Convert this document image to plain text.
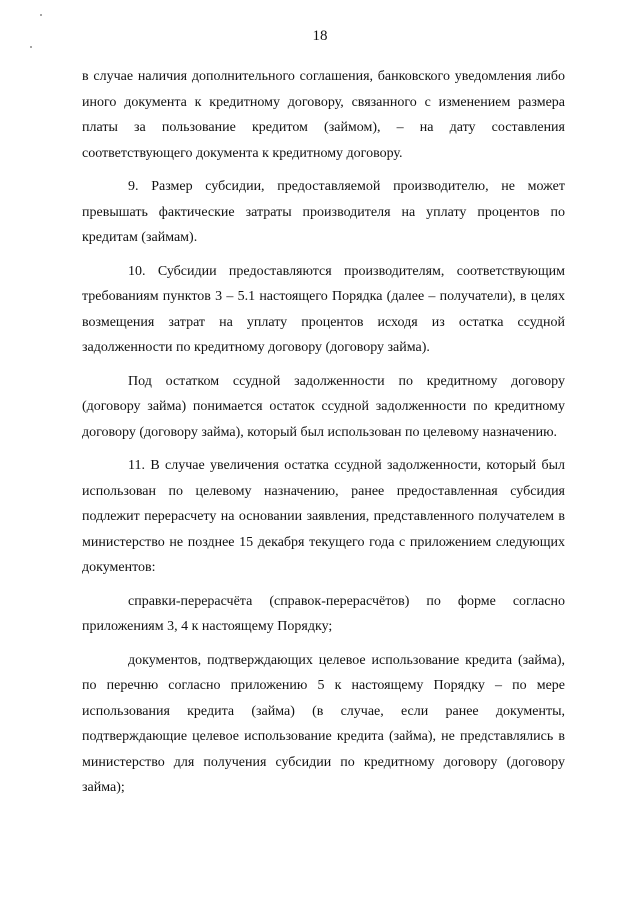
18

в случае наличия дополнительного соглашения, банковского уведомления либо иного документа к кредитному договору, связанного с изменением размера платы за пользование кредитом (займом), – на дату составления соответствующего документа к кредитному договору.

9. Размер субсидии, предоставляемой производителю, не может превышать фактические затраты производителя на уплату процентов по кредитам (займам).

10. Субсидии предоставляются производителям, соответствующим требованиям пунктов 3 – 5.1 настоящего Порядка (далее – получатели), в целях возмещения затрат на уплату процентов исходя из остатка ссудной задолженности по кредитному договору (договору займа).

Под остатком ссудной задолженности по кредитному договору (договору займа) понимается остаток ссудной задолженности по кредитному договору (договору займа), который был использован по целевому назначению.

11. В случае увеличения остатка ссудной задолженности, который был использован по целевому назначению, ранее предоставленная субсидия подлежит перерасчету на основании заявления, представленного получателем в министерство не позднее 15 декабря текущего года с приложением следующих документов:

справки-перерасчёта (справок-перерасчётов) по форме согласно приложениям 3, 4 к настоящему Порядку;

документов, подтверждающих целевое использование кредита (займа), по перечню согласно приложению 5 к настоящему Порядку – по мере использования кредита (займа) (в случае, если ранее документы, подтверждающие целевое использование кредита (займа), не представлялись в министерство для получения субсидии по кредитному договору (договору займа);
